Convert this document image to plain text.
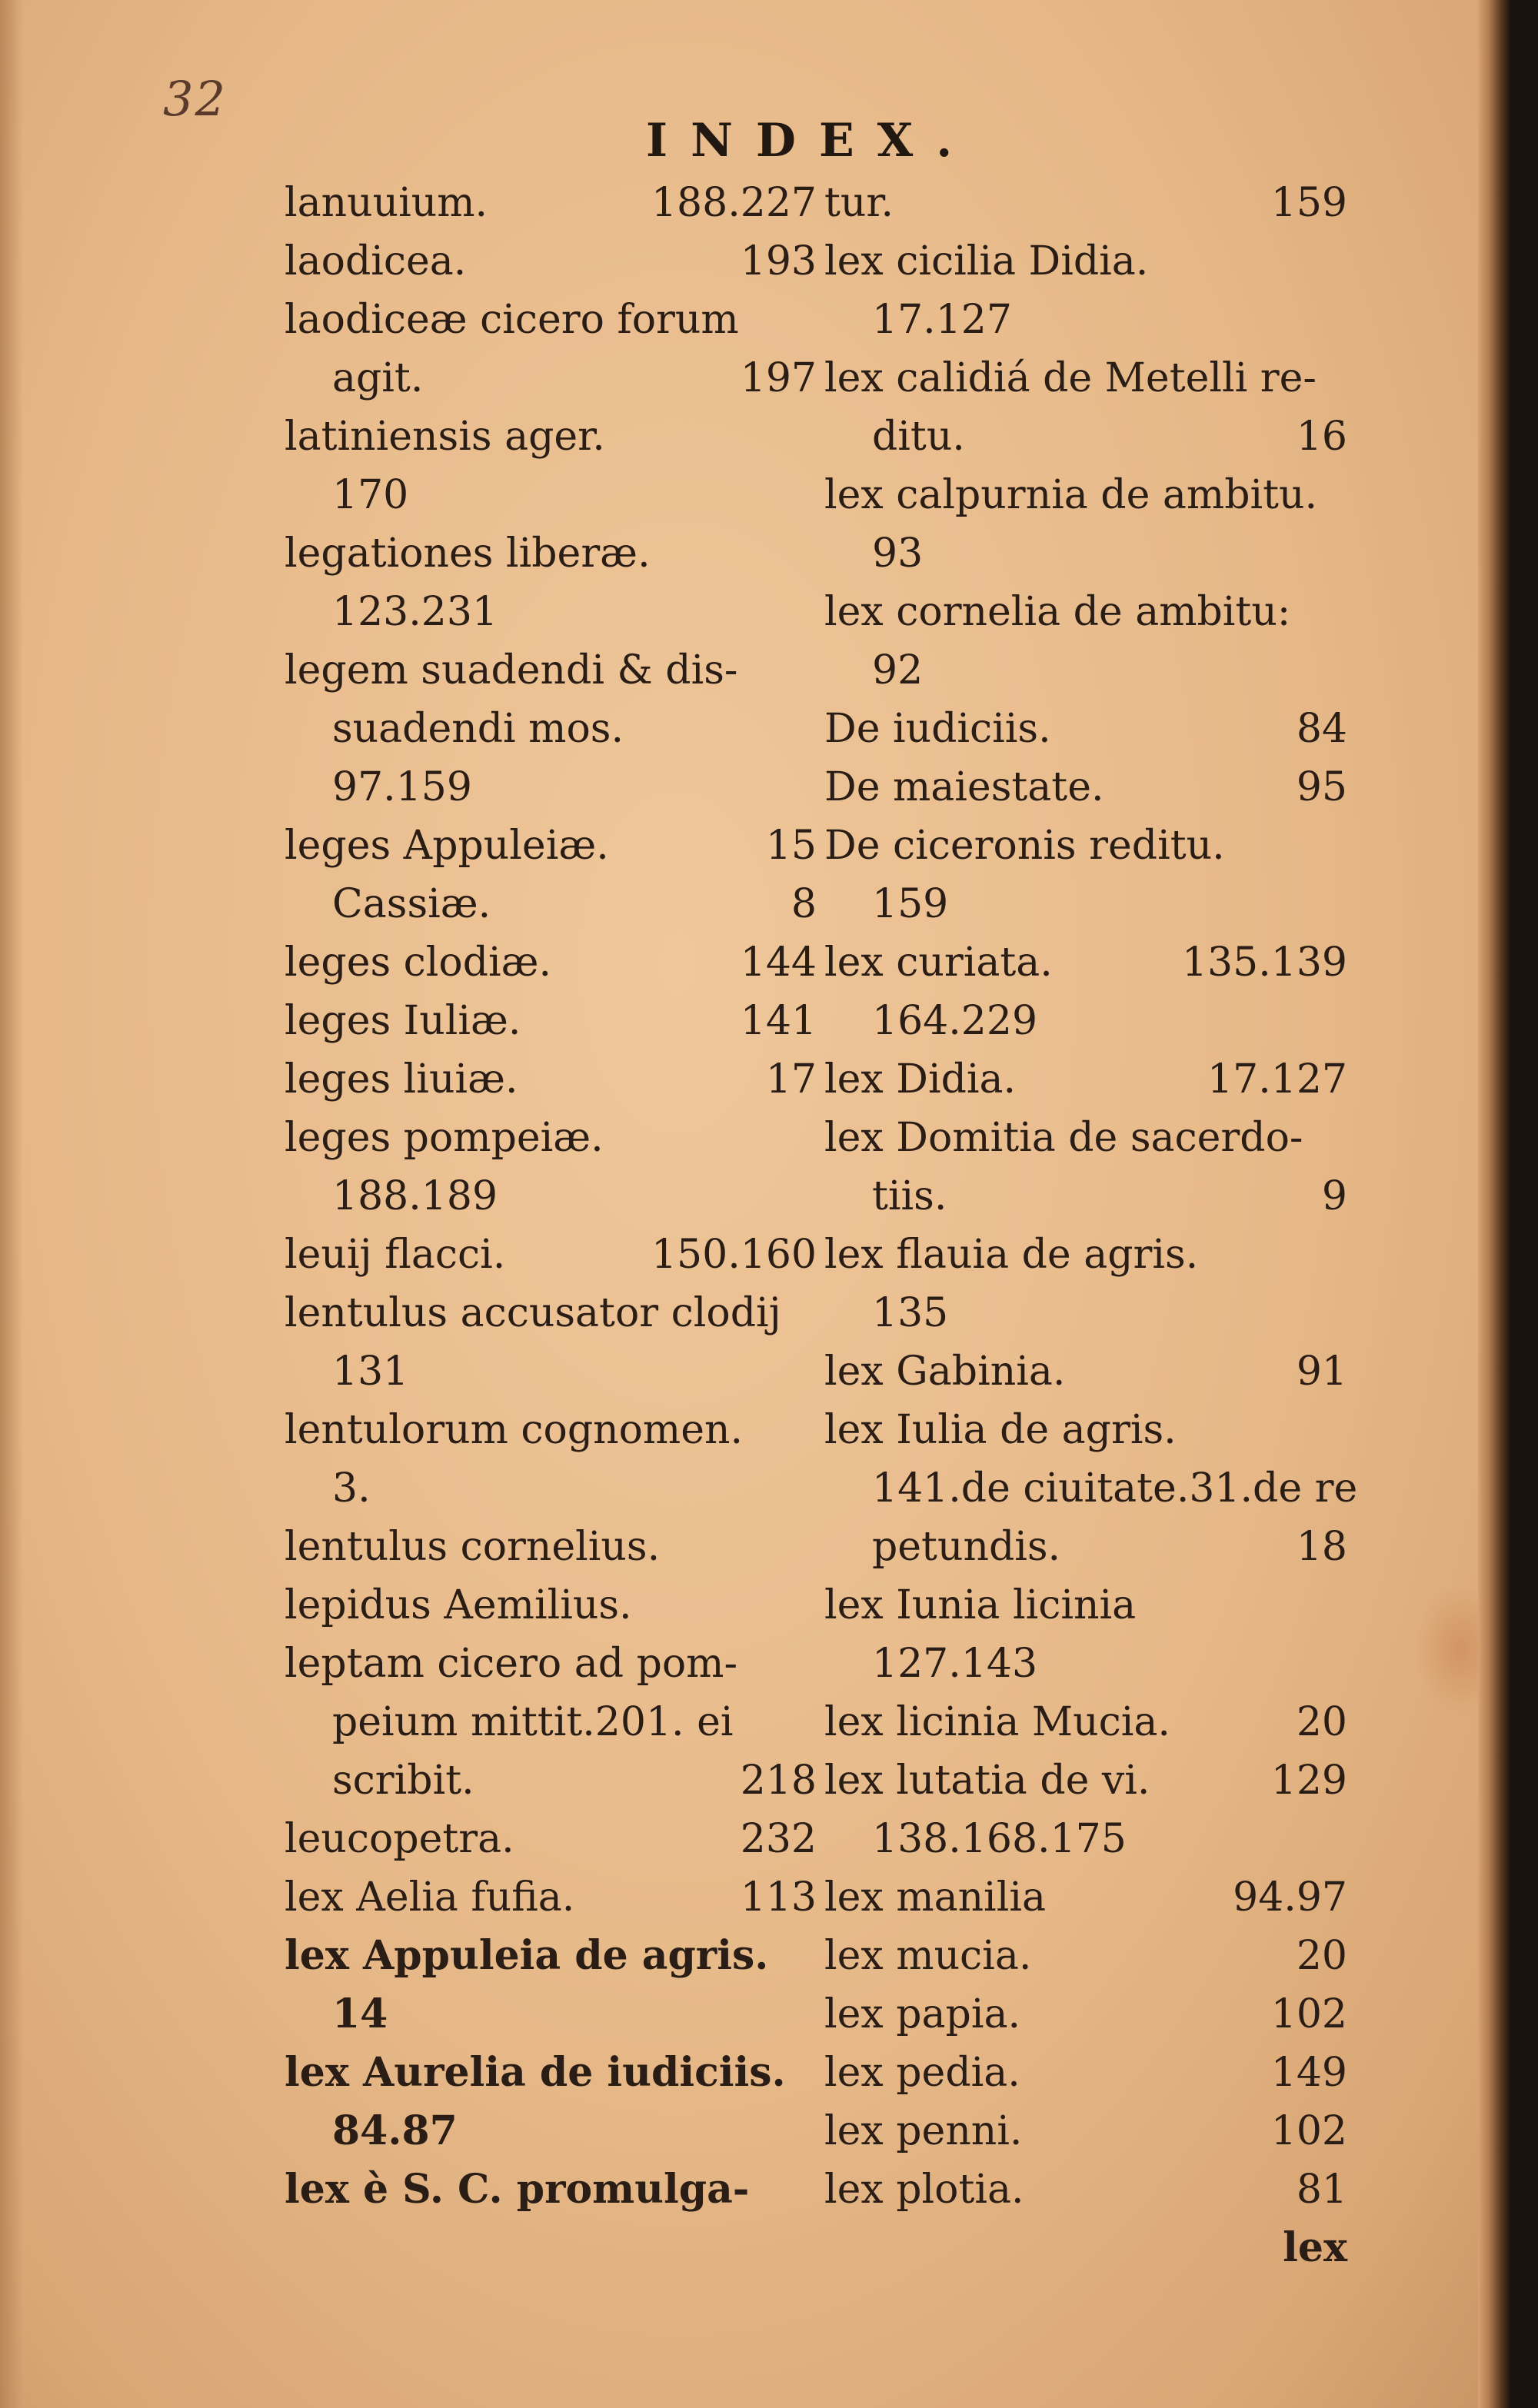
32
INDEX.
lanuuium.	188.227
laodicea.	193
laodiceæ cicero forum
agit.	197
latiniensis ager.
170
legationes liberæ.
123.231
legem suadendi & dis-
suadendi mos.
97.159
leges Appuleiæ.	15
Cassiæ.	8
leges clodiæ.	144
leges Iuliæ.	141
leges liuiæ.	17
leges pompeiæ.
188.189
leuij flacci.	150.160
lentulus accusator clodij
131
lentulorum cognomen.
3.
lentulus cornelius.
lepidus Aemilius.
leptam cicero ad pom-
peium mittit.201. ei
scribit.	218
leucopetra.	232
lex Aelia fufia.	113
lex Appuleia de agris.
14
lex Aurelia de iudiciis.
84.87
lex è S. C. promulga-
tur.	159
lex cicilia Didia.
17.127
lex calidiá de Metelli re-
ditu.	16
lex calpurnia de ambitu.
93
lex cornelia de ambitu:
92
De iudiciis.	84
De maiestate.	95
De ciceronis reditu.
159
lex curiata.	135.139
164.229
lex Didia.	17.127
lex Domitia de sacerdo-
tiis.	9
lex flauia de agris.
135
lex Gabinia.	91
lex Iulia de agris.
141.de ciuitate.31.de re
petundis.	18
lex Iunia licinia
127.143
lex licinia Mucia.	20
lex lutatia de vi.	129
138.168.175
lex manilia	94.97
lex mucia.	20
lex papia.	102
lex pedia.	149
lex penni.	102
lex plotia.	81
lex
